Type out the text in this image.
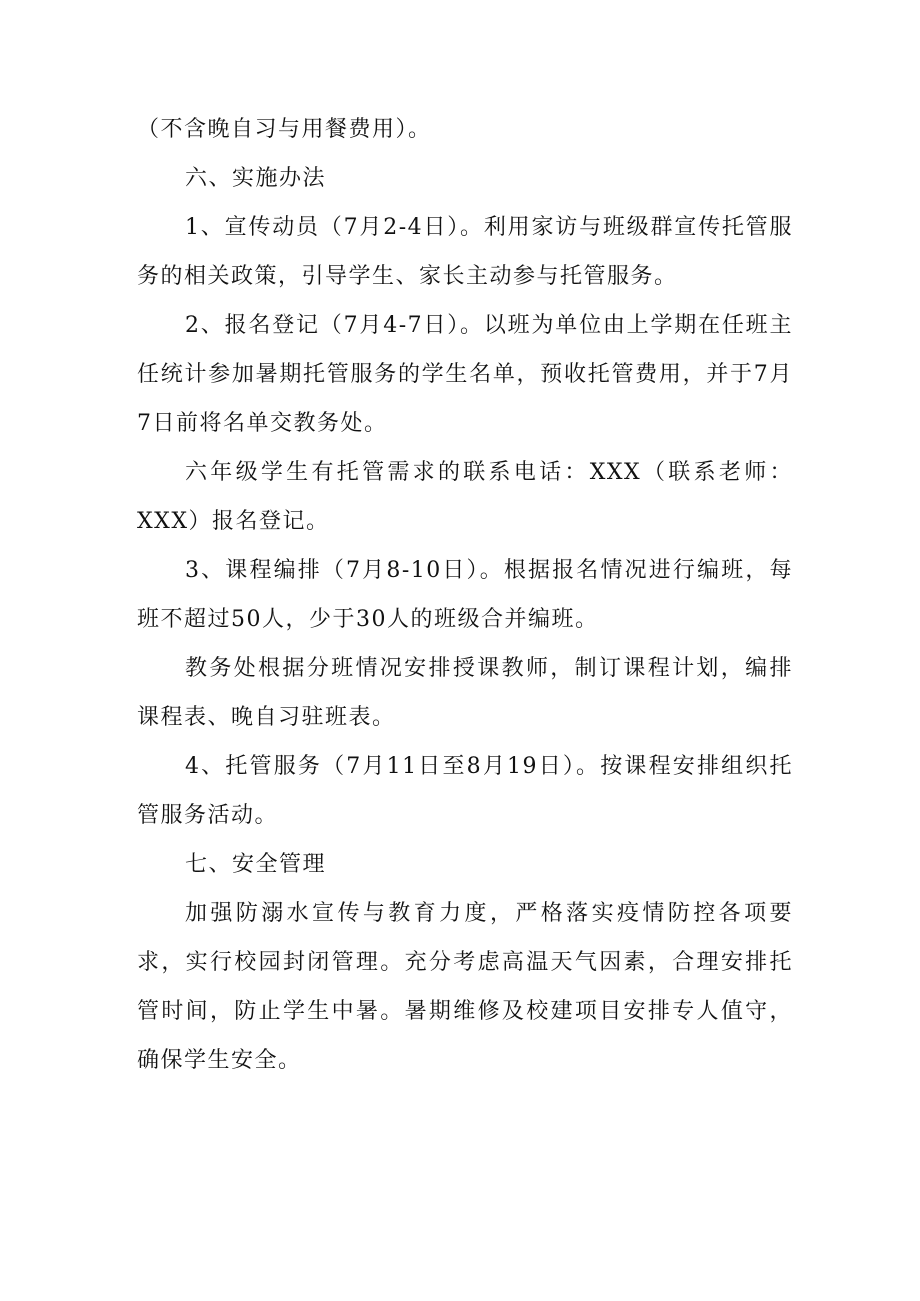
（不含晚自习与用餐费用）。

六、实施办法

1、宣传动员（7月2-4日）。利用家访与班级群宣传托管服务的相关政策，引导学生、家长主动参与托管服务。

2、报名登记（7月4-7日）。以班为单位由上学期在任班主任统计参加暑期托管服务的学生名单，预收托管费用，并于7月7日前将名单交教务处。

六年级学生有托管需求的联系电话：XXX（联系老师：XXX）报名登记。

3、课程编排（7月8-10日）。根据报名情况进行编班，每班不超过50人，少于30人的班级合并编班。

教务处根据分班情况安排授课教师，制订课程计划，编排课程表、晚自习驻班表。

4、托管服务（7月11日至8月19日）。按课程安排组织托管服务活动。

七、安全管理

加强防溺水宣传与教育力度，严格落实疫情防控各项要求，实行校园封闭管理。充分考虑高温天气因素，合理安排托管时间，防止学生中暑。暑期维修及校建项目安排专人值守，确保学生安全。
